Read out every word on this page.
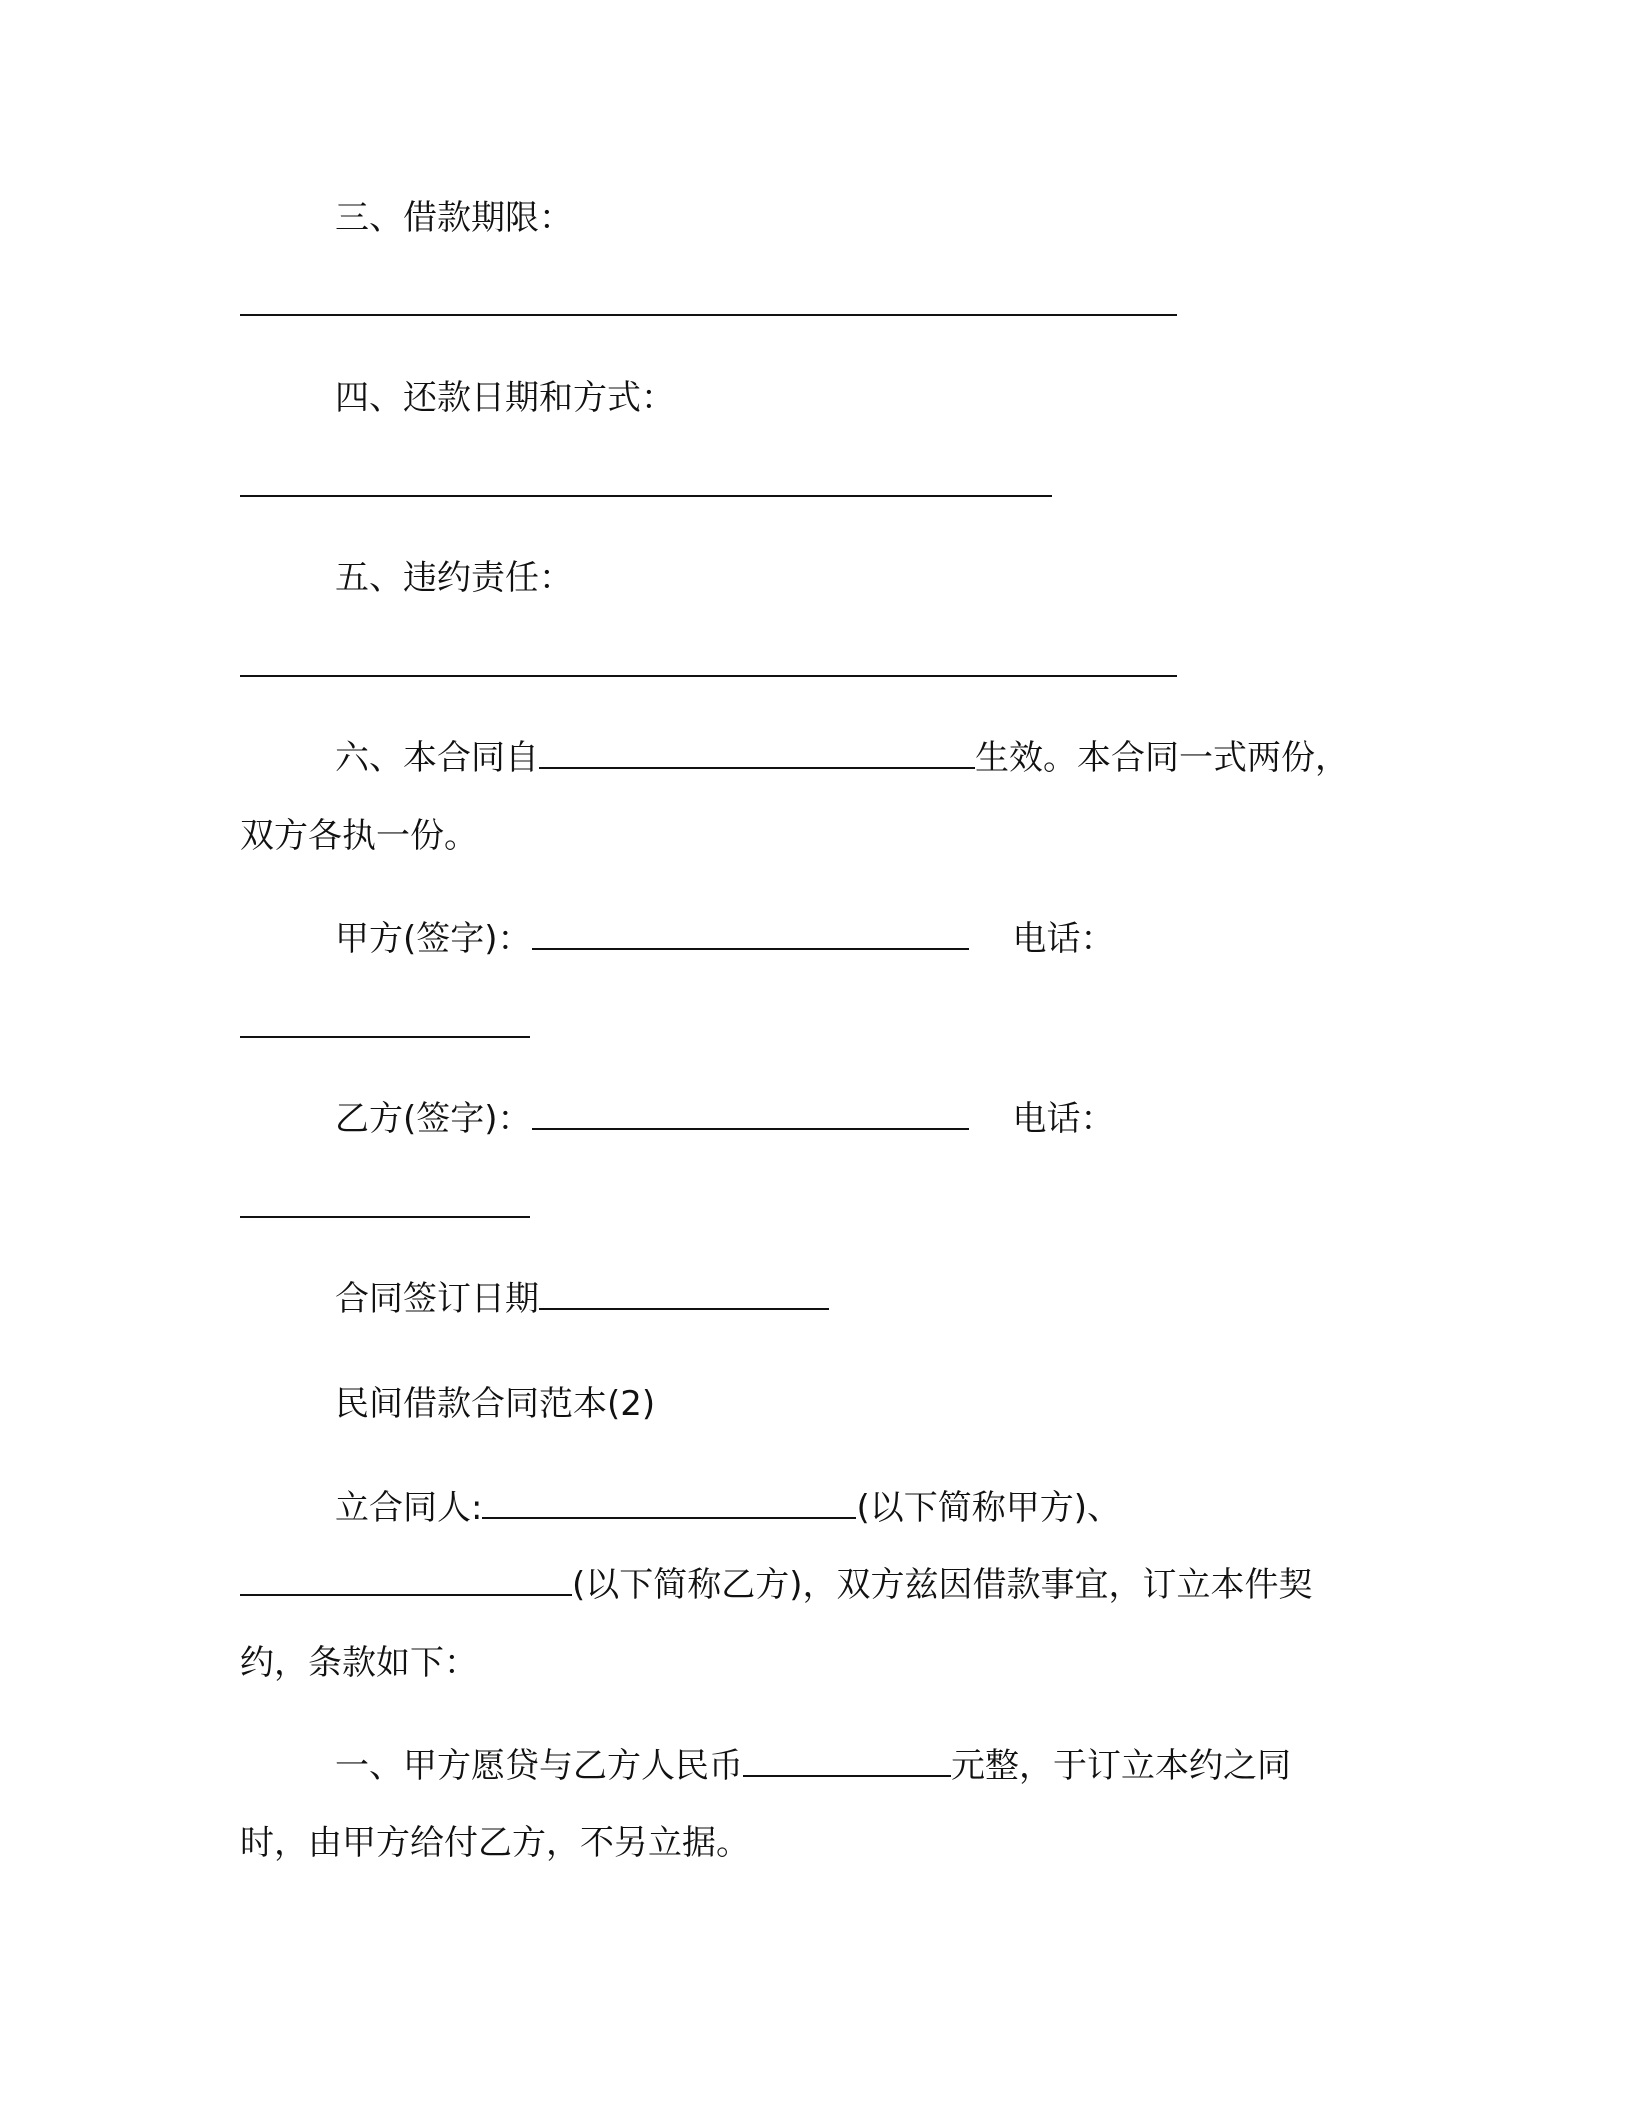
三、借款期限：
四、还款日期和方式：
五、违约责任：
六、本合同自	生效。本合同一式两份，
双方各执一份。
甲方(签字)：	电话：
乙方(签字)：	电话：
合同签订日期
民间借款合同范本(2)
立合同人:	(以下简称甲方)、
(以下简称乙方)，双方兹因借款事宜，订立本件契
约，条款如下：
一、甲方愿贷与乙方人民币	元整，于订立本约之同
时，由甲方给付乙方，不另立据。
